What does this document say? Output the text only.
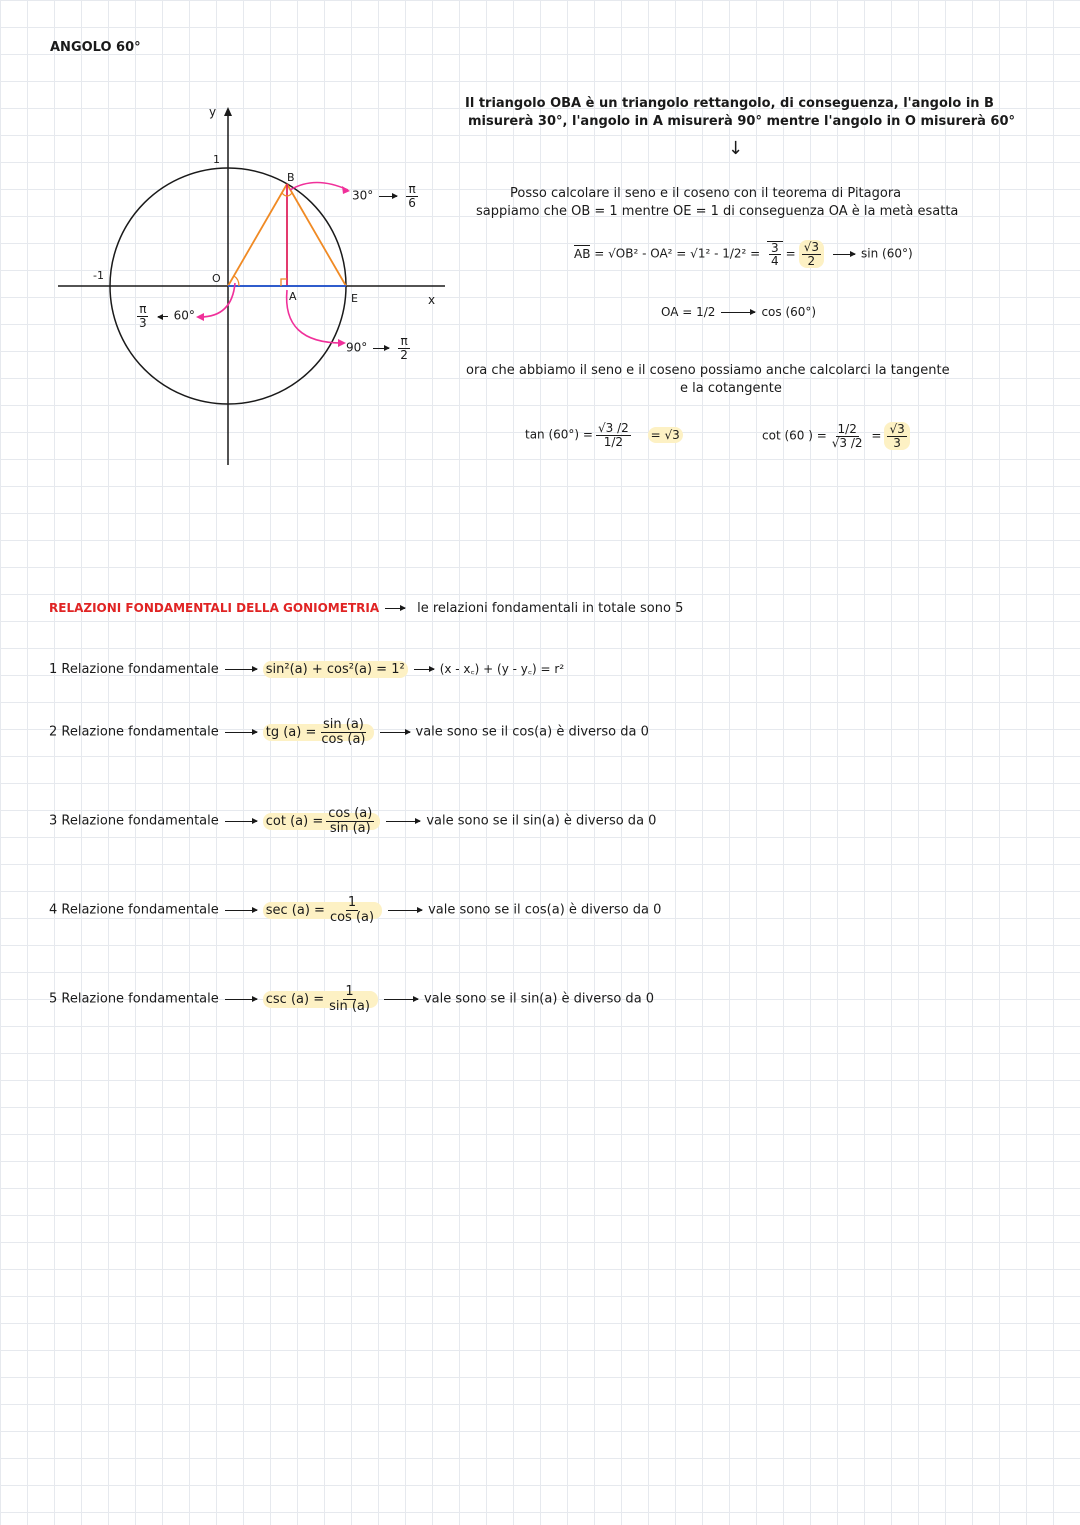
ANGOLO 60°
y
1
-1	O
B
A	E	x
30°	$\frac{\pi}{6}$
90°	$\frac{\pi}{2}$
$\frac{\pi}{3} 60^\circ$
Il triangolo OBA è un triangolo rettangolo, di conseguenza, l'angolo in B
misurerà 30°, l'angolo in A misurerà 90° mentre l'angolo in O misurerà 60°
↓
Posso calcolare il seno e il coseno con il teorema di Pitagora
sappiamo che OB = 1 mentre OE = 1 di conseguenza OA è la metà esatta
AB = $√OB^2 - OA^2 = √1^2 - 1/2^2 = \frac{3}{4} = \frac{√3}{2}$	sin (60°)
OA = 1/2	cos (60°)
ora che abbiamo il seno e il coseno possiamo anche calcolarci la tangente
e la cotangente
$\tan (60^\circ) = \frac{√3 /2}{1/2} = √3$	cot (60 ) = $\frac{1/2}{√3 /2} = \frac{√3}{3}$
RELAZIONI FONDAMENTALI DELLA GONIOMETRIA	le relazioni fondamentali in totale sono 5
1 Relazione fondamentale	sin²(a) + cos²(a) = 1²	(x - x꜀) + (y - y꜀) = r²
2 Relazione fondamentale	tg $(a) = \frac{\sin (a)}{\cos (a)}$	vale sono se il cos(a) è diverso da 0
3 Relazione fondamentale	$\cot (a) = \frac{\cos (a)}{\sin (a)}$	vale sono se il sin(a) è diverso da 0
4 Relazione fondamentale	$\sec (a) = \frac{1}{\cos (a)}$	vale sono se il cos(a) è diverso da 0
5 Relazione fondamentale	$\csc (a) = \frac{1}{\sin (a)}$	vale sono se il sin(a) è diverso da 0
